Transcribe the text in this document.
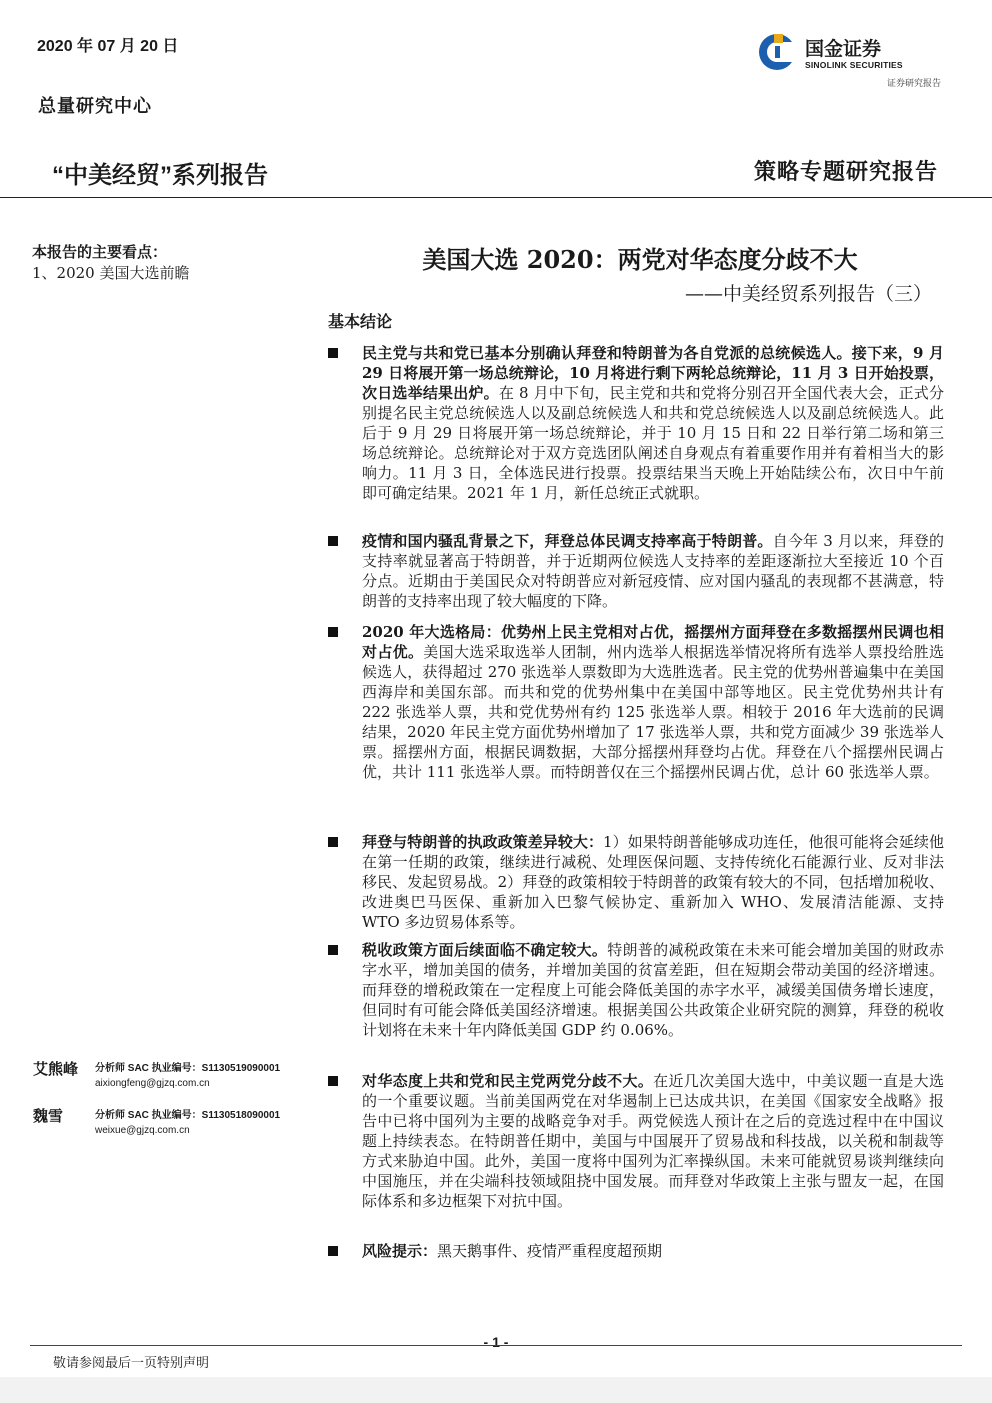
2020 年 07 月 20 日
总量研究中心
“中美经贸”系列报告	策略专题研究报告
国金证券
SINOLINK SECURITIES
证券研究报告
本报告的主要看点：
1、2020 美国大选前瞻	美国大选 2020：两党对华态度分歧不大
——中美经贸系列报告（三）
基本结论
民主党与共和党已基本分别确认拜登和特朗普为各自党派的总统候选人。接下来，9 月 29 日将展开第一场总统辩论，10 月将进行剩下两轮总统辩论，11 月 3 日开始投票，次日选举结果出炉。在 8 月中下旬，民主党和共和党将分别召开全国代表大会，正式分别提名民主党总统候选人以及副总统候选人和共和党总统候选人以及副总统候选人。此后于 9 月 29 日将展开第一场总统辩论，并于 10 月 15 日和 22 日举行第二场和第三场总统辩论。总统辩论对于双方竞选团队阐述自身观点有着重要作用并有着相当大的影响力。11 月 3 日，全体选民进行投票。投票结果当天晚上开始陆续公布，次日中午前即可确定结果。2021 年 1 月，新任总统正式就职。
疫情和国内骚乱背景之下，拜登总体民调支持率高于特朗普。自今年 3 月以来，拜登的支持率就显著高于特朗普，并于近期两位候选人支持率的差距逐渐拉大至接近 10 个百分点。近期由于美国民众对特朗普应对新冠疫情、应对国内骚乱的表现都不甚满意，特朗普的支持率出现了较大幅度的下降。
2020 年大选格局：优势州上民主党相对占优，摇摆州方面拜登在多数摇摆州民调也相对占优。美国大选采取选举人团制，州内选举人根据选举情况将所有选举人票投给胜选候选人，获得超过 270 张选举人票数即为大选胜选者。民主党的优势州普遍集中在美国西海岸和美国东部。而共和党的优势州集中在美国中部等地区。民主党优势州共计有 222 张选举人票，共和党优势州有约 125 张选举人票。相较于 2016 年大选前的民调结果，2020 年民主党方面优势州增加了 17 张选举人票，共和党方面减少 39 张选举人票。摇摆州方面，根据民调数据，大部分摇摆州拜登均占优。拜登在八个摇摆州民调占优，共计 111 张选举人票。而特朗普仅在三个摇摆州民调占优，总计 60 张选举人票。
拜登与特朗普的执政政策差异较大：1）如果特朗普能够成功连任，他很可能将会延续他在第一任期的政策，继续进行减税、处理医保问题、支持传统化石能源行业、反对非法移民、发起贸易战。2）拜登的政策相较于特朗普的政策有较大的不同，包括增加税收、改进奥巴马医保、重新加入巴黎气候协定、重新加入 WHO、发展清洁能源、支持 WTO 多边贸易体系等。
税收政策方面后续面临不确定较大。特朗普的减税政策在未来可能会增加美国的财政赤字水平，增加美国的债务，并增加美国的贫富差距，但在短期会带动美国的经济增速。而拜登的增税政策在一定程度上可能会降低美国的赤字水平，减缓美国债务增长速度，但同时有可能会降低美国经济增速。根据美国公共政策企业研究院的测算，拜登的税收计划将在未来十年内降低美国 GDP 约 0.06%。
对华态度上共和党和民主党两党分歧不大。在近几次美国大选中，中美议题一直是大选的一个重要议题。当前美国两党在对华遏制上已达成共识，在美国《国家安全战略》报告中已将中国列为主要的战略竞争对手。两党候选人预计在之后的竞选过程中在中国议题上持续表态。在特朗普任期中，美国与中国展开了贸易战和科技战，以关税和制裁等方式来胁迫中国。此外，美国一度将中国列为汇率操纵国。未来可能就贸易谈判继续向中国施压，并在尖端科技领域阻挠中国发展。而拜登对华政策上主张与盟友一起，在国际体系和多边框架下对抗中国。
风险提示：黑天鹅事件、疫情严重程度超预期
艾熊峰 分析师 SAC 执业编号：S1130519090001
aixiongfeng@gjzq.com.cn
魏雪	分析师 SAC 执业编号：S1130518090001
weixue@gjzq.com.cn
- 1 -
敬请参阅最后一页特别声明
